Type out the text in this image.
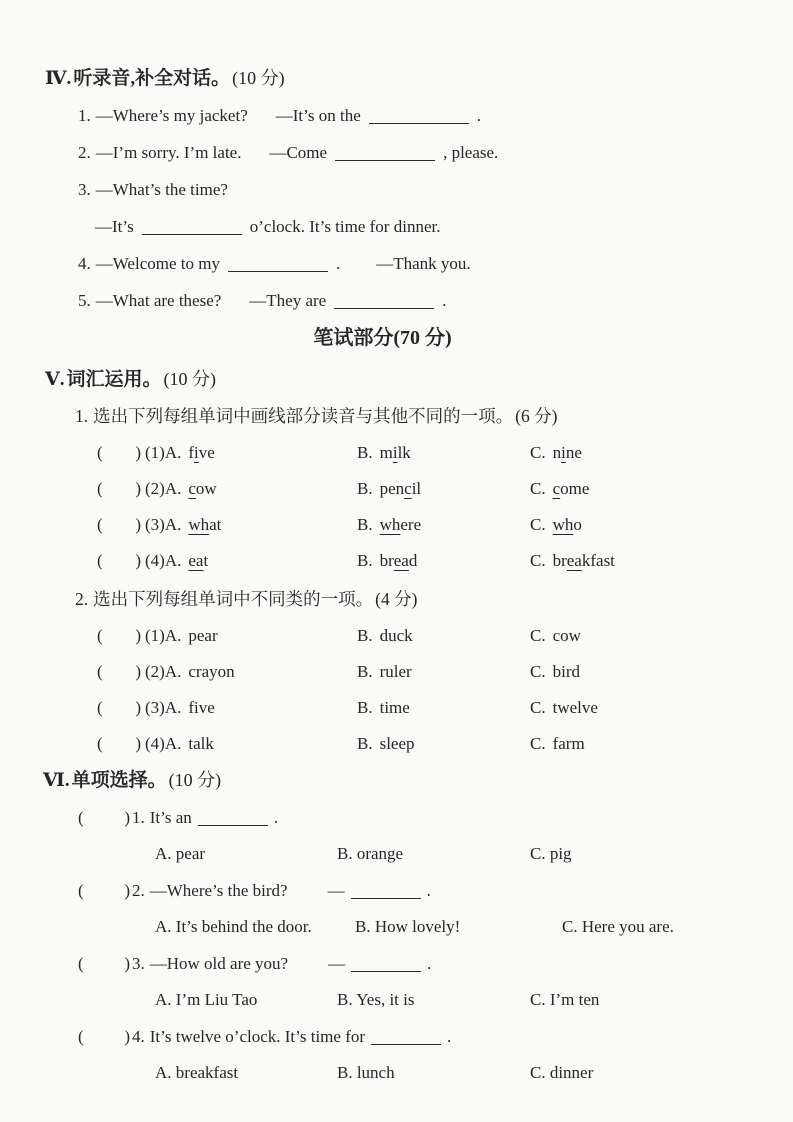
Ⅳ. 听录音,补全对话。 (10 分)
1. —Where’s my jacket? —It’s on the	.
2. —I’m sorry. I’m late. —Come	, please.
3. —What’s the time?
—It’s	o’clock. It’s time for dinner.
4. —Welcome to my	. —Thank you.
5. —What are these? —They are	.
笔试部分(70 分)
Ⅴ. 词汇运用。 (10 分)
1. 选出下列每组单词中画线部分读音与其他不同的一项。 (6 分)
( ) (1)A. five	B. milk	C. nine
( ) (2)A. cow	B. pencil	C. come
( ) (3)A. what	B. where	C. who
( ) (4)A. eat	B. bread	C. breakfast
2. 选出下列每组单词中不同类的一项。 (4 分)
( ) (1)A. pear	B. duck	C. cow
( ) (2)A. crayon	B. ruler	C. bird
( ) (3)A. five	B. time	C. twelve
( ) (4)A. talk	B. sleep	C. farm
Ⅵ. 单项选择。 (10 分)
( ) 1. It’s an	.
A. pear	B. orange	C. pig
( ) 2. —Where’s the bird? —	.
A. It’s behind the door.	B. How lovely!	C. Here you are.
( ) 3. —How old are you? —	.
A. I’m Liu Tao	B. Yes, it is	C. I’m ten
( ) 4. It’s twelve o’clock. It’s time for	.
A. breakfast	B. lunch	C. dinner
